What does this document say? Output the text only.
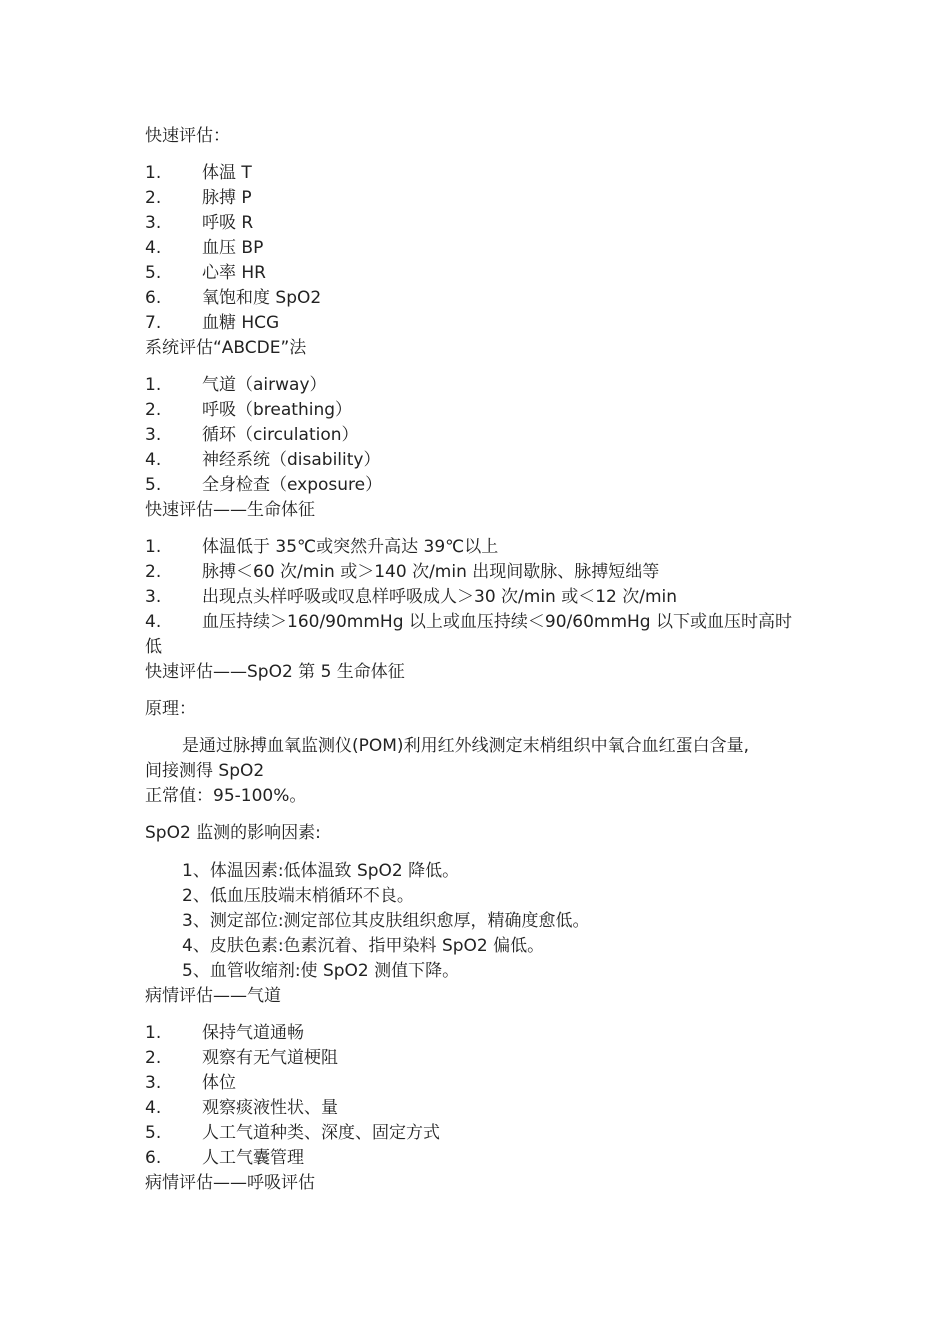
快速评估：
1.	体温 T
2.	脉搏 P
3.	呼吸 R
4.	血压 BP
5.	心率 HR
6.	氧饱和度 SpO2
7.	血糖 HCG
系统评估“ABCDE”法
1.	气道（airway）
2.	呼吸（breathing）
3.	循环（circulation）
4.	神经系统（disability）
5.	全身检查（exposure）
快速评估——生命体征
1.	体温低于 35℃或突然升高达 39℃以上
2.	脉搏＜60 次/min 或＞140 次/min 出现间歇脉、脉搏短绌等
3.	出现点头样呼吸或叹息样呼吸成人＞30 次/min 或＜12 次/min
4.	血压持续＞160/90mmHg 以上或血压持续＜90/60mmHg 以下或血压时高时
低
快速评估——SpO2 第 5 生命体征
原理：
是通过脉搏血氧监测仪(POM)利用红外线测定末梢组织中氧合血红蛋白含量,
间接测得 SpO2
正常值：95-100%。
SpO2 监测的影响因素:
1、体温因素:低体温致 SpO2 降低。
2、低血压肢端末梢循环不良。
3、测定部位:测定部位其皮肤组织愈厚，精确度愈低。
4、皮肤色素:色素沉着、指甲染料 SpO2 偏低。
5、血管收缩剂:使 SpO2 测值下降。
病情评估——气道
1.	保持气道通畅
2.	观察有无气道梗阻
3.	体位
4.	观察痰液性状、量
5.	人工气道种类、深度、固定方式
6.	人工气囊管理
病情评估——呼吸评估
